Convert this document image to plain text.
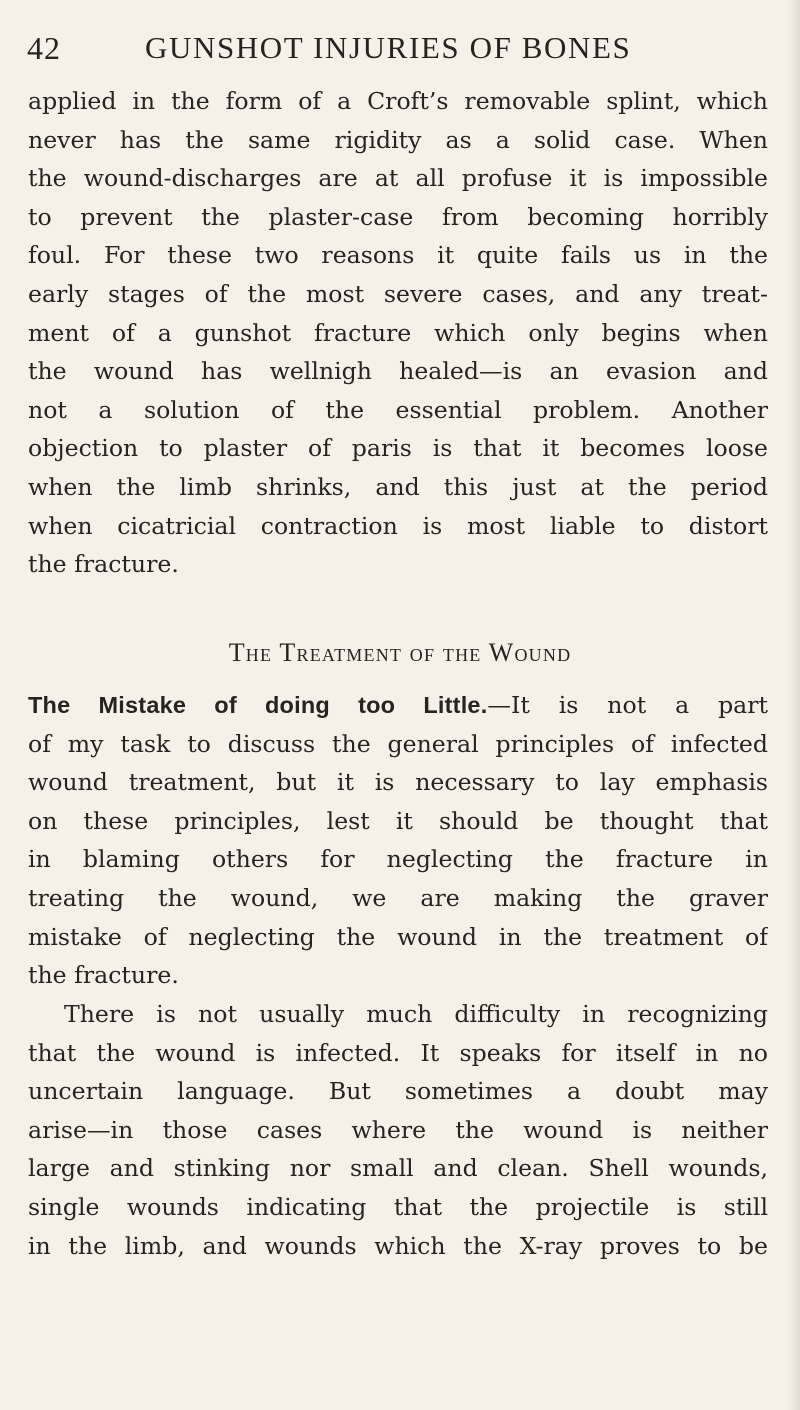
42	GUNSHOT INJURIES OF BONES
applied in the form of a Croft’s removable splint, which
never has the same rigidity as a solid case. When
the wound-discharges are at all profuse it is impossible
to prevent the plaster-case from becoming horribly
foul. For these two reasons it quite fails us in the
early stages of the most severe cases, and any treat-
ment of a gunshot fracture which only begins when
the wound has wellnigh healed—is an evasion and
not a solution of the essential problem. Another
objection to plaster of paris is that it becomes loose
when the limb shrinks, and this just at the period
when cicatricial contraction is most liable to distort
the fracture.
The Treatment of the Wound
The Mistake of doing too Little.—It is not a part
of my task to discuss the general principles of infected
wound treatment, but it is necessary to lay emphasis
on these principles, lest it should be thought that
in blaming others for neglecting the fracture in
treating the wound, we are making the graver
mistake of neglecting the wound in the treatment of
the fracture.
There is not usually much difficulty in recognizing
that the wound is infected. It speaks for itself in no
uncertain language. But sometimes a doubt may
arise—in those cases where the wound is neither
large and stinking nor small and clean. Shell wounds,
single wounds indicating that the projectile is still
in the limb, and wounds which the X-ray proves to be
